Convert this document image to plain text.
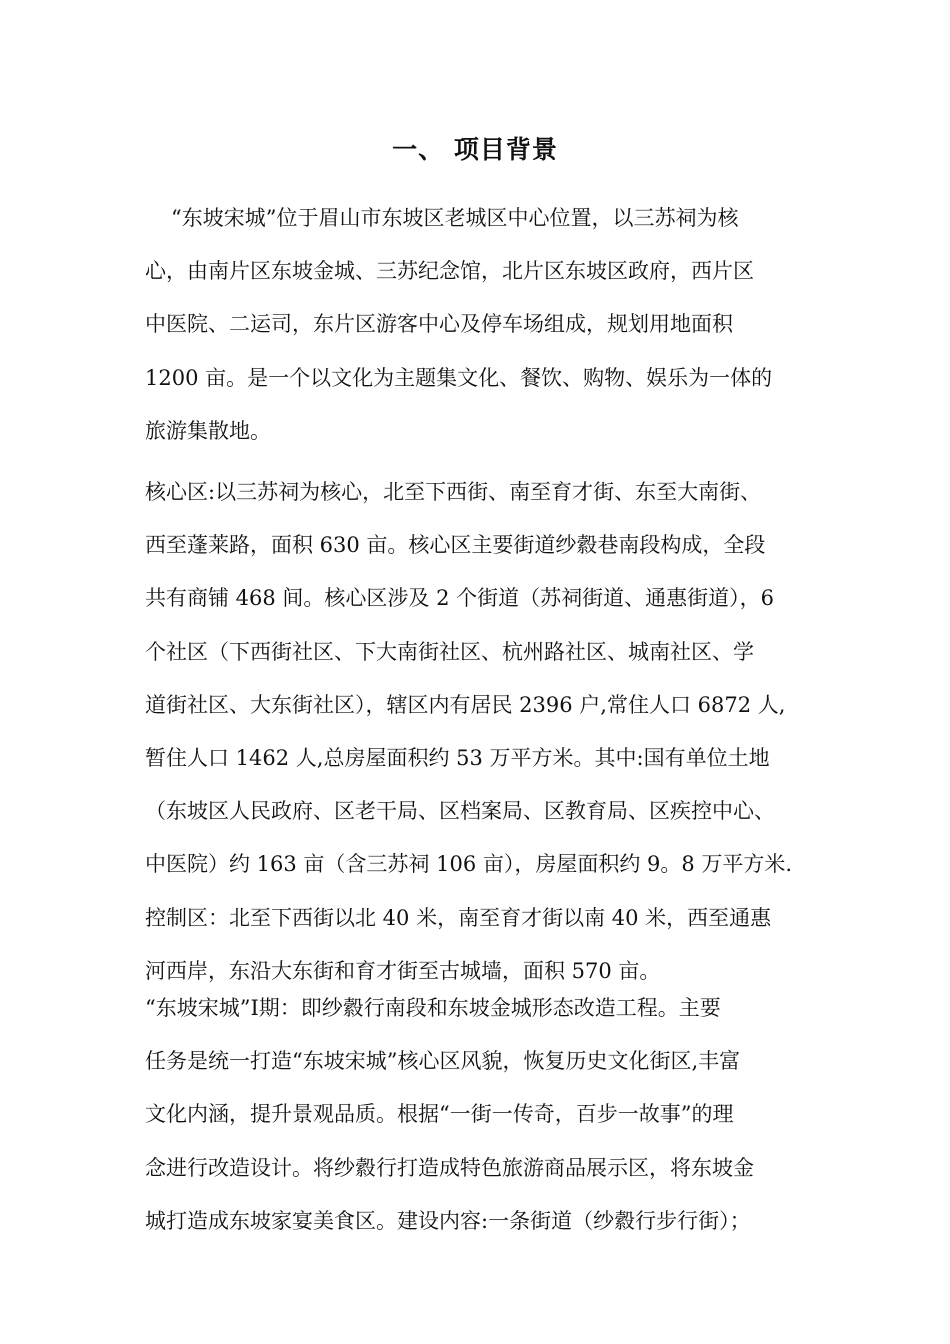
一、 项目背景
“东坡宋城”位于眉山市东坡区老城区中心位置，以三苏祠为核
心，由南片区东坡金城、三苏纪念馆，北片区东坡区政府，西片区
中医院、二运司，东片区游客中心及停车场组成，规划用地面积
1200 亩。是一个以文化为主题集文化、餐饮、购物、娱乐为一体的
旅游集散地。
核心区:以三苏祠为核心，北至下西街、南至育才街、东至大南街、
西至蓬莱路，面积 630 亩。核心区主要街道纱縠巷南段构成，全段
共有商铺 468 间。核心区涉及 2 个街道（苏祠街道、通惠街道），6
个社区（下西街社区、下大南街社区、杭州路社区、城南社区、学
道街社区、大东街社区），辖区内有居民 2396 户,常住人口 6872 人,
暂住人口 1462 人,总房屋面积约 53 万平方米。其中:国有单位土地
（东坡区人民政府、区老干局、区档案局、区教育局、区疾控中心、
中医院）约 163 亩（含三苏祠 106 亩），房屋面积约 9。8 万平方米.
控制区：北至下西街以北 40 米，南至育才街以南 40 米，西至通惠
河西岸，东沿大东街和育才街至古城墙，面积 570 亩。
“东坡宋城”Ⅰ期：即纱縠行南段和东坡金城形态改造工程。主要
任务是统一打造“东坡宋城”核心区风貌，恢复历史文化街区,丰富
文化内涵，提升景观品质。根据“一街一传奇，百步一故事”的理
念进行改造设计。将纱縠行打造成特色旅游商品展示区，将东坡金
城打造成东坡家宴美食区。建设内容:一条街道（纱縠行步行街）；
